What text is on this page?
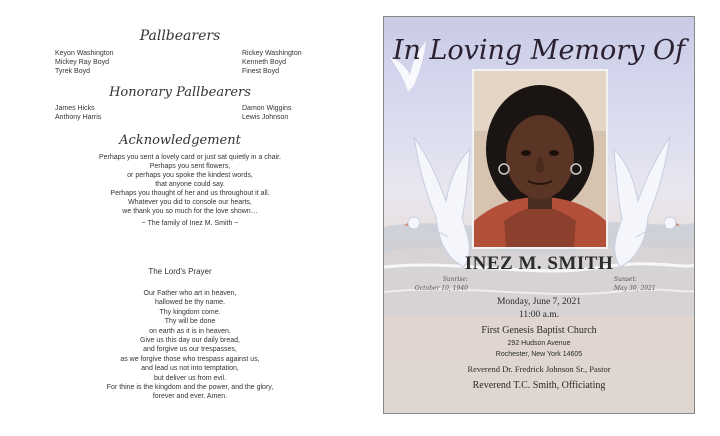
Pallbearers
Keyon Washington
Mickey Ray Boyd
Tyrek Boyd
Rickey Washington
Kenneth Boyd
Finest Boyd
Honorary Pallbearers
James Hicks
Anthony Harris
Damon Wiggins
Lewis Johnson
Acknowledgement
Perhaps you sent a lovely card or just sat quietly in a chair.
Perhaps you sent flowers,
or perhaps you spoke the kindest words,
that anyone could say.
Perhaps you thought of her and us throughout it all.
Whatever you did to console our hearts,
we thank you so much for the love shown…
~ The family of Inez M. Smith ~
The Lord's Prayer
Our Father who art in heaven,
hallowed be thy name.
Thy kingdom come.
Thy will be done
on earth as it is in heaven.
Give us this day our daily bread,
and forgive us our trespasses,
as we forgive those who trespass against us,
and lead us not into temptation,
but deliver us from evil.
For thine is the kingdom and the power, and the glory,
forever and ever. Amen.
In Loving Memory Of
INEZ M. SMITH
Sunrise:
October 10, 1940
Sunset:
May 30, 2021
Monday, June 7, 2021
11:00 a.m.
First Genesis Baptist Church
292 Hudson Avenue
Rochester, New York 14605
Reverend Dr. Fredrick Johnson Sr., Pastor
Reverend T.C. Smith, Officiating
